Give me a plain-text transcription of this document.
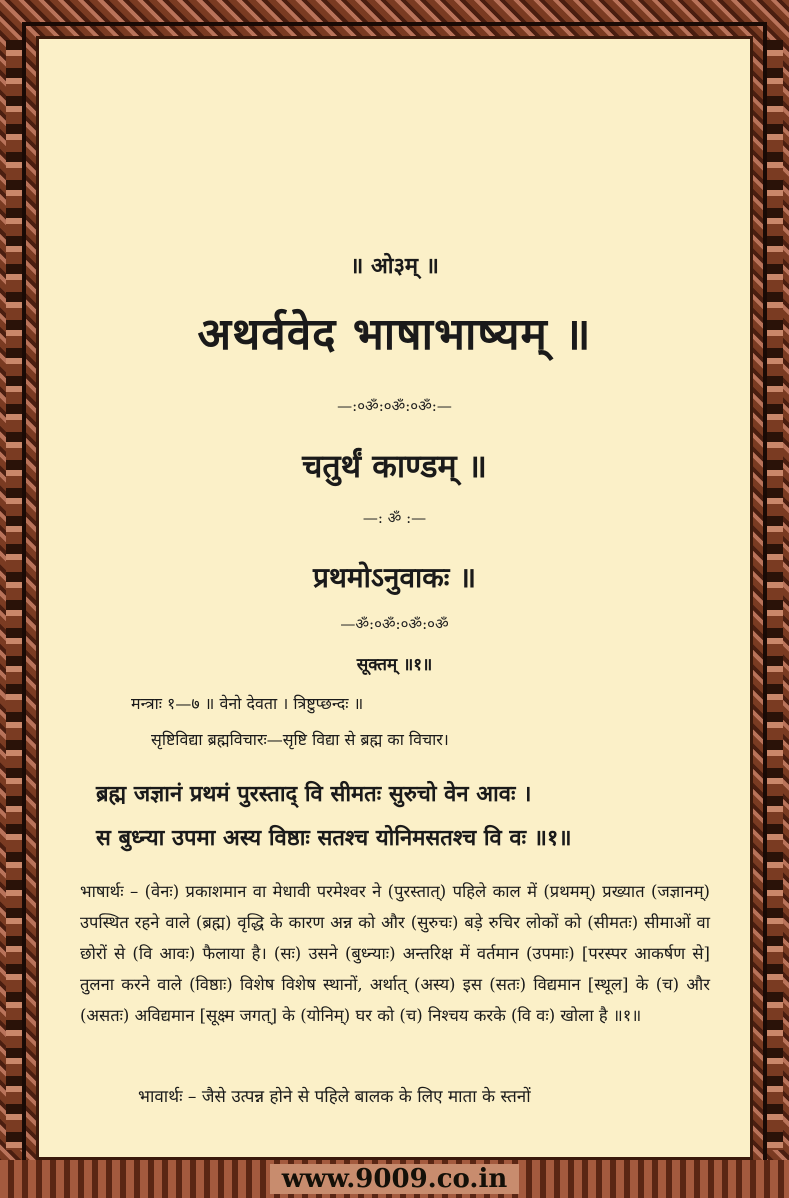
॥ ओ३म् ॥
अथर्ववेद भाषाभाष्यम् ॥
—:०ॐ:०ॐ:०ॐ:—
चतुर्थं काण्डम् ॥
—: ॐ :—
प्रथमोऽनुवाकः ॥
—ॐ:०ॐ:०ॐ:०ॐ
सूक्तम् ॥१॥
मन्त्राः १—७ ॥ वेनो देवता । त्रिष्टुप्छन्दः ॥
सृष्टिविद्या ब्रह्मविचारः—सृष्टि विद्या से ब्रह्म का विचार।
ब्रह्म जज्ञानं प्रथमं पुरस्ताद् वि सीमतः सुरुचो वेन आवः ।
स बुध्न्या उपमा अस्य विष्ठाः सतश्च योनिमसतश्च वि वः ॥१॥
भाषार्थः – (वेनः) प्रकाशमान वा मेधावी परमेश्वर ने (पुरस्तात्) पहिले काल में (प्रथमम्) प्रख्यात (जज्ञानम्) उपस्थित रहने वाले (ब्रह्म) वृद्धि के कारण अन्न को और (सुरुचः) बड़े रुचिर लोकों को (सीमतः) सीमाओं वा छोरों से (वि आवः) फैलाया है। (सः) उसने (बुध्न्याः) अन्तरिक्ष में वर्तमान (उपमाः) [परस्पर आकर्षण से] तुलना करने वाले (विष्ठाः) विशेष विशेष स्थानों, अर्थात् (अस्य) इस (सतः) विद्यमान [स्थूल] के (च) और (असतः) अविद्यमान [सूक्ष्म जगत्] के (योनिम्) घर को (च) निश्चय करके (वि वः) खोला है ॥१॥
भावार्थः – जैसे उत्पन्न होने से पहिले बालक के लिए माता के स्तनों
www.9009.co.in
